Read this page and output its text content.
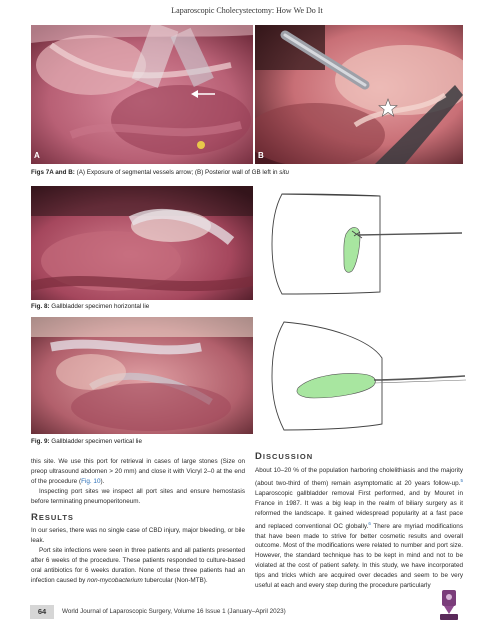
Laparoscopic Cholecystectomy: How We Do It
A	B
Figs 7A and B: (A) Exposure of segmental vessels arrow; (B) Posterior wall of GB left in situ
Fig. 8: Gallbladder specimen horizontal lie
Fig. 9: Gallbladder specimen vertical lie

this site. We use this port for retrieval in cases of large stones (Size on preop ultrasound abdomen > 20 mm) and close it with Vicryl 2–0 at the end of the procedure (Fig. 10).

Inspecting port sites we inspect all port sites and ensure hemostasis before terminating pneumoperitoneum.

RESULTS

In our series, there was no single case of CBD injury, major bleeding, or bile leak.

Port site infections were seen in three patients and all patients presented after 6 weeks of the procedure. These patients responded to culture-based oral antibiotics for 6 weeks duration. None of these three patients had an infection caused by non-mycobacterium tubercular (Non-MTB).

DISCUSSION

About 10–20 % of the population harboring cholelithiasis and the majority (about two-third of them) remain asymptomatic at 20 years follow-up.$^5$ Laparoscopic gallbladder removal First performed, and by Mouret in France in 1987. It was a big leap in the realm of biliary surgery as it reformed the landscape. It gained widespread popularity at a fast pace and replaced conventional OC globally.$^6$ There are myriad modifications that have been made to strive for better cosmetic results and overall outcome. Most of the modifications were related to number and port size. However, the standard technique has to be kept in mind and not to be violated at the cost of patient safety. In this study, we have incorporated tips and tricks which are acquired over decades and seem to be very useful at each and every step during the procedure particularly

64	World Journal of Laparoscopic Surgery, Volume 16 Issue 1 (January–April 2023)
